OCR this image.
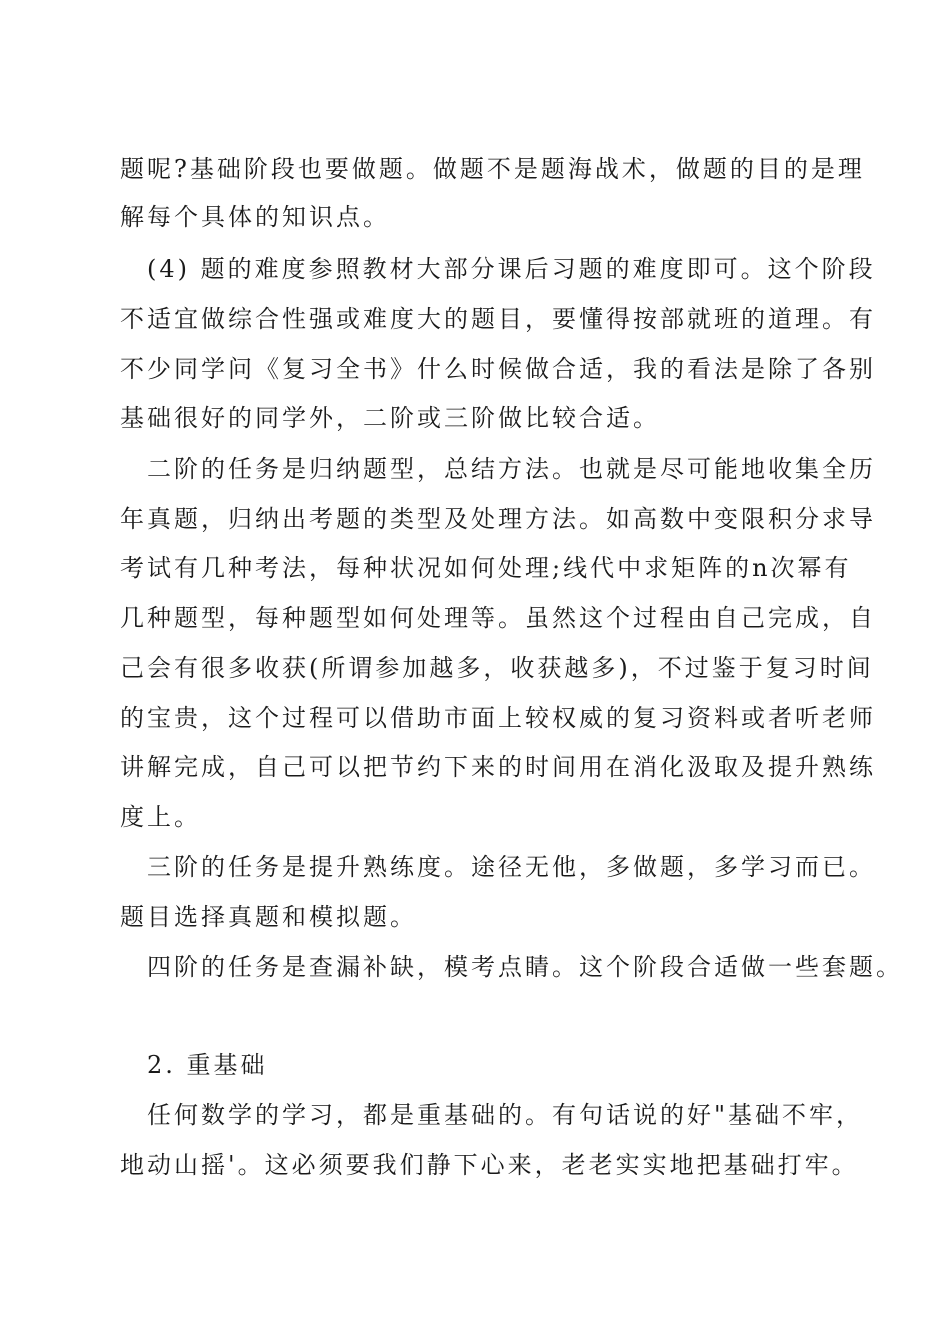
题呢?基础阶段也要做题。做题不是题海战术，做题的目的是理
解每个具体的知识点。
(4) 题的难度参照教材大部分课后习题的难度即可。这个阶段
不适宜做综合性强或难度大的题目，要懂得按部就班的道理。有
不少同学问《复习全书》什么时候做合适，我的看法是除了各别
基础很好的同学外，二阶或三阶做比较合适。
二阶的任务是归纳题型，总结方法。也就是尽可能地收集全历
年真题，归纳出考题的类型及处理方法。如高数中变限积分求导
考试有几种考法，每种状况如何处理;线代中求矩阵的n次幂有
几种题型，每种题型如何处理等。虽然这个过程由自己完成，自
己会有很多收获(所谓参加越多，收获越多)，不过鉴于复习时间
的宝贵，这个过程可以借助市面上较权威的复习资料或者听老师
讲解完成，自己可以把节约下来的时间用在消化汲取及提升熟练
度上。
三阶的任务是提升熟练度。途径无他，多做题，多学习而已。
题目选择真题和模拟题。
四阶的任务是查漏补缺，模考点睛。这个阶段合适做一些套题。
2. 重基础
任何数学的学习，都是重基础的。有句话说的好"基础不牢，
地动山摇'。这必须要我们静下心来，老老实实地把基础打牢。
